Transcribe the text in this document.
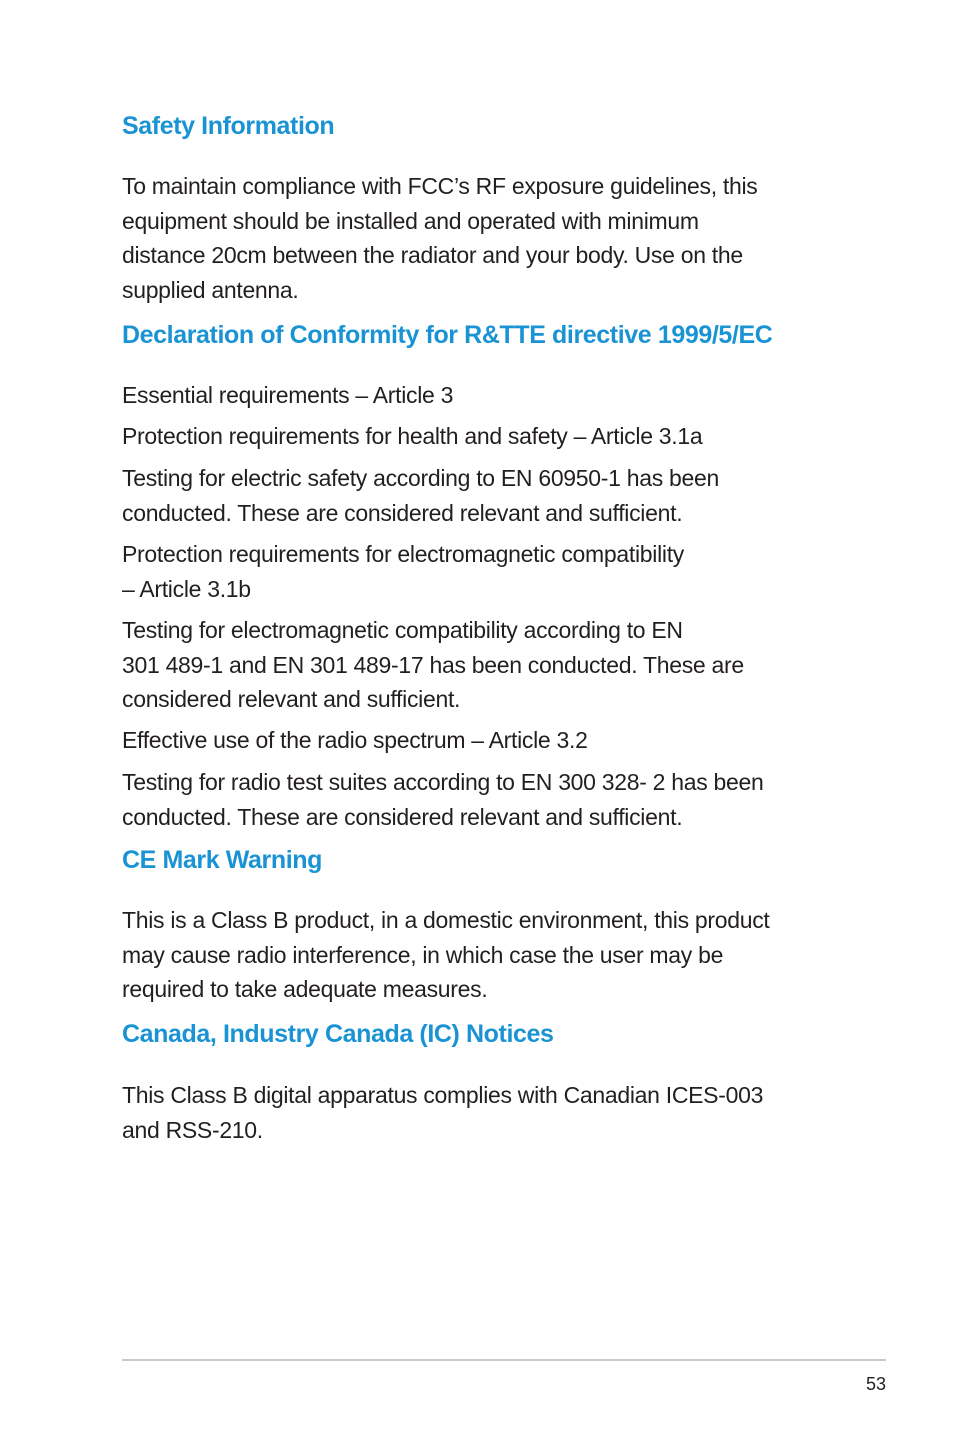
Safety Information

To maintain compliance with FCC’s RF exposure guidelines, this
equipment should be installed and operated with minimum
distance 20cm between the radiator and your body. Use on the
supplied antenna.

Declaration of Conformity for R&TTE directive 1999/5/EC

Essential requirements – Article 3

Protection requirements for health and safety – Article 3.1a

Testing for electric safety according to EN 60950-1 has been
conducted. These are considered relevant and sufficient.

Protection requirements for electromagnetic compatibility
– Article 3.1b

Testing for electromagnetic compatibility according to EN
301 489-1 and EN 301 489-17 has been conducted. These are
considered relevant and sufficient.

Effective use of the radio spectrum – Article 3.2

Testing for radio test suites according to EN 300 328- 2 has been
conducted. These are considered relevant and sufficient.

CE Mark Warning

This is a Class B product, in a domestic environment, this product
may cause radio interference, in which case the user may be
required to take adequate measures.

Canada, Industry Canada (IC) Notices

This Class B digital apparatus complies with Canadian ICES-003
and RSS-210.

53
